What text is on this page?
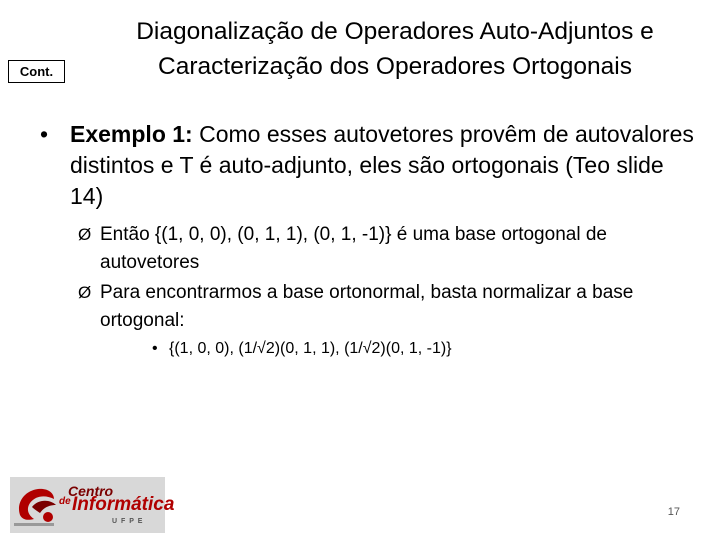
Cont.
Diagonalização de Operadores Auto-Adjuntos e
Caracterização dos Operadores Ortogonais
• Exemplo 1: Como esses autovetores provêm de autovalores distintos e T é auto-adjunto, eles são ortogonais (Teo slide 14)
Ø Então {(1, 0, 0), (0, 1, 1), (0, 1, -1)} é uma base ortogonal de autovetores
Ø Para encontrarmos a base ortonormal, basta normalizar a base ortogonal:
• {(1, 0, 0), (1/√2)(0, 1, 1), (1/√2)(0, 1, -1)}
Centro
de Informática
U F P E
17
